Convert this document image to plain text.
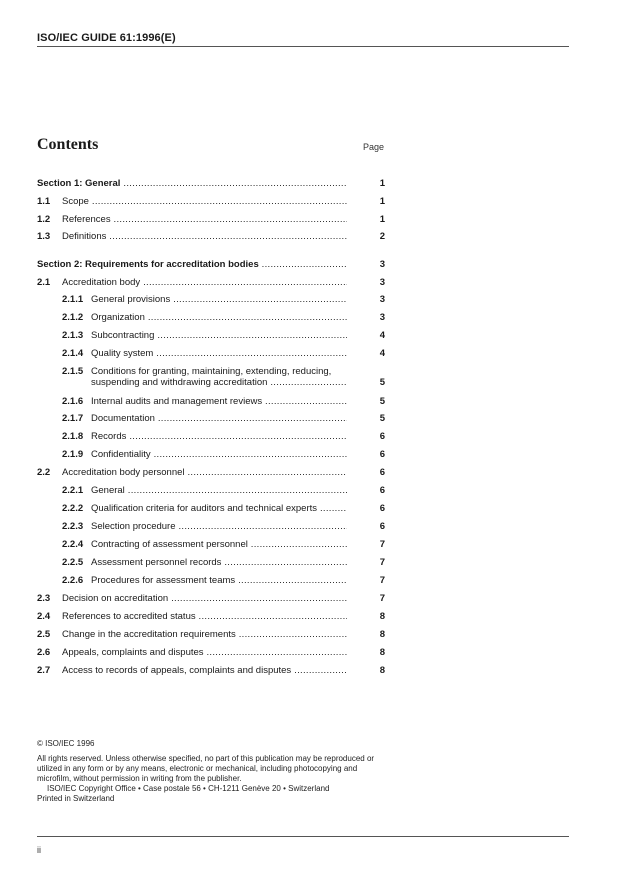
ISO/IEC GUIDE 61:1996(E)
Contents	Page
Section 1: General .....	1
1.1 Scope .....	1
1.2 References .....	1
1.3 Definitions .....	2
Section 2: Requirements for accreditation bodies .....	3
2.1 Accreditation body .....	3
2.1.1 General provisions .....	3
2.1.2 Organization .....	3
2.1.3 Subcontracting .....	4
2.1.4 Quality system .....	4
2.1.5 Conditions for granting, maintaining, extending, reducing,
suspending and withdrawing accreditation .....	5
2.1.6 Internal audits and management reviews .....	5
2.1.7 Documentation .....	5
2.1.8 Records .....	6
2.1.9 Confidentiality .....	6
2.2 Accreditation body personnel .....	6
2.2.1 General .....	6
2.2.2 Qualification criteria for auditors and technical experts .....	6
2.2.3 Selection procedure .....	6
2.2.4 Contracting of assessment personnel .....	7
2.2.5 Assessment personnel records .....	7
2.2.6 Procedures for assessment teams .....	7
2.3 Decision on accreditation .....	7
2.4 References to accredited status .....	8
2.5 Change in the accreditation requirements .....	8
2.6 Appeals, complaints and disputes .....	8
2.7 Access to records of appeals, complaints and disputes .....	8

© ISO/IEC 1996

All rights reserved. Unless otherwise specified, no part of this publication may be reproduced or utilized in any form or by any means, electronic or mechanical, including photocopying and microfilm, without permission in writing from the publisher.

ISO/IEC Copyright Office • Case postale 56 • CH-1211 Genève 20 • Switzerland

Printed in Switzerland

ii
